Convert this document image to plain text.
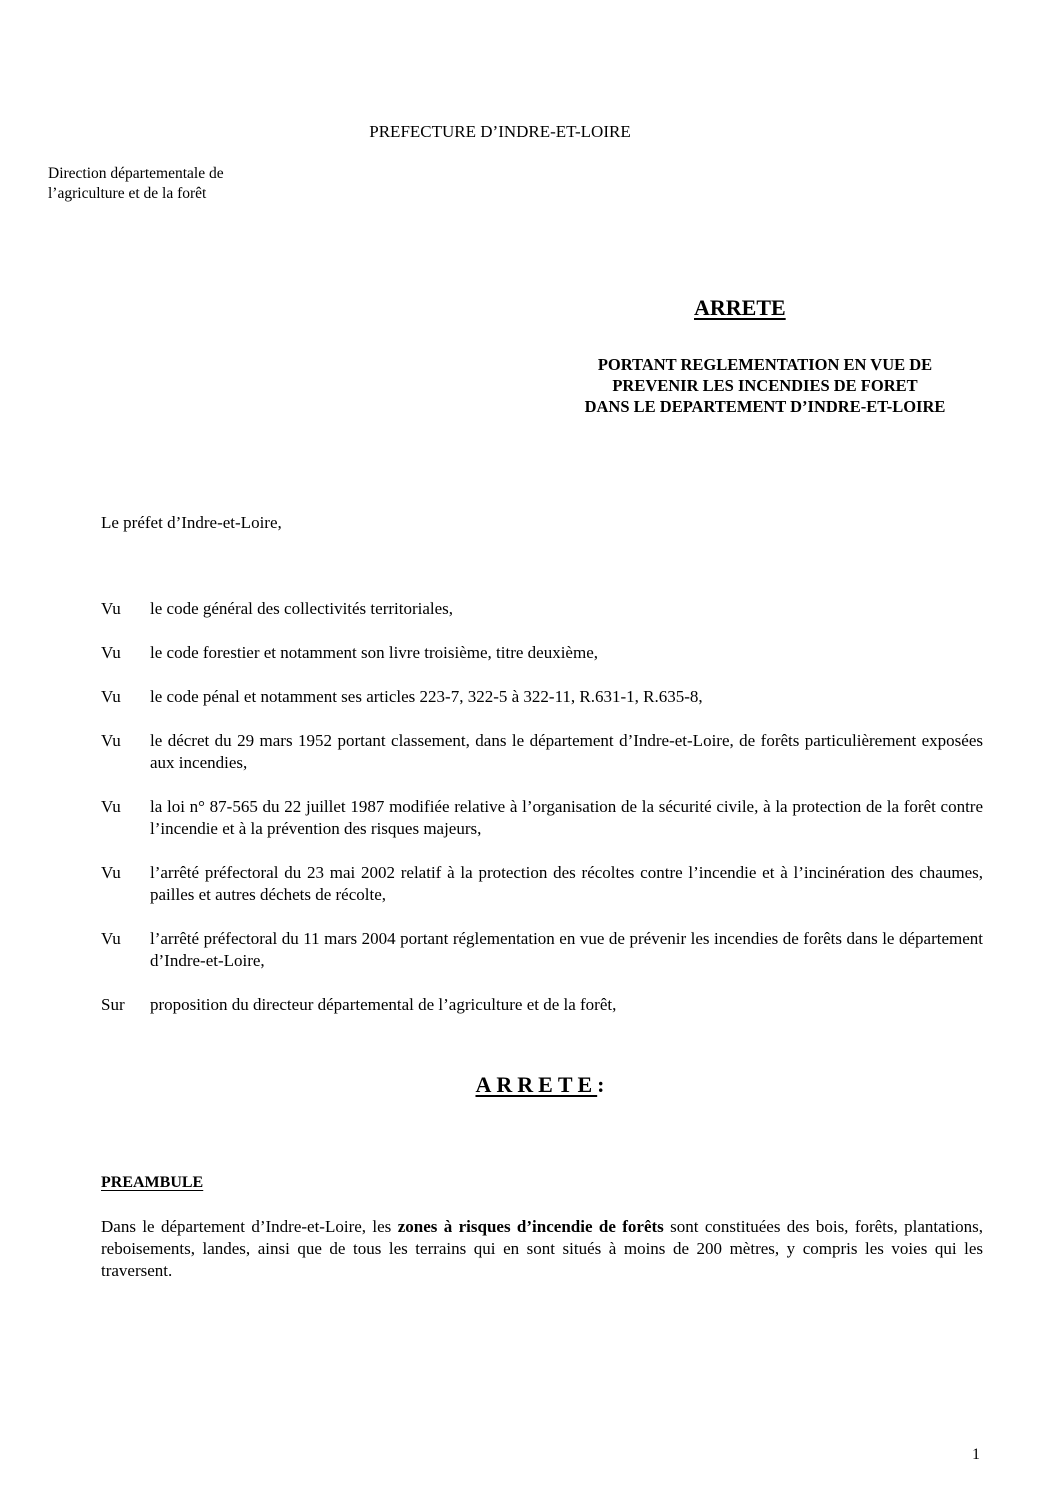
PREFECTURE D’INDRE-ET-LOIRE
Direction départementale de
l’agriculture et de la forêt
ARRETE
PORTANT REGLEMENTATION EN VUE DE
PREVENIR LES INCENDIES DE FORET
DANS LE DEPARTEMENT D’INDRE-ET-LOIRE
Le préfet d’Indre-et-Loire,
Vu	le code général des collectivités territoriales,
Vu	le code forestier et notamment son livre troisième, titre deuxième,
Vu	le code pénal et notamment ses articles 223-7, 322-5 à 322-11, R.631-1, R.635-8,
Vu	le décret du 29 mars 1952 portant classement, dans le département d’Indre-et-Loire, de forêts particulièrement exposées aux incendies,
Vu	la loi n° 87-565 du 22 juillet 1987 modifiée relative à l’organisation de la sécurité civile, à la protection de la forêt contre l’incendie et à la prévention des risques majeurs,
Vu	l’arrêté préfectoral du 23 mai 2002 relatif à la protection des récoltes contre l’incendie et à l’incinération des chaumes, pailles et autres déchets de récolte,
Vu	l’arrêté préfectoral du 11 mars 2004 portant réglementation en vue de prévenir les incendies de forêts dans le département d’Indre-et-Loire,
Sur	proposition du directeur départemental de l’agriculture et de la forêt,
ARRETE:
PREAMBULE
Dans le département d’Indre-et-Loire, les zones à risques d’incendie de forêts sont constituées des bois, forêts, plantations, reboisements, landes, ainsi que de tous les terrains qui en sont situés à moins de 200 mètres, y compris les voies qui les traversent.
1
